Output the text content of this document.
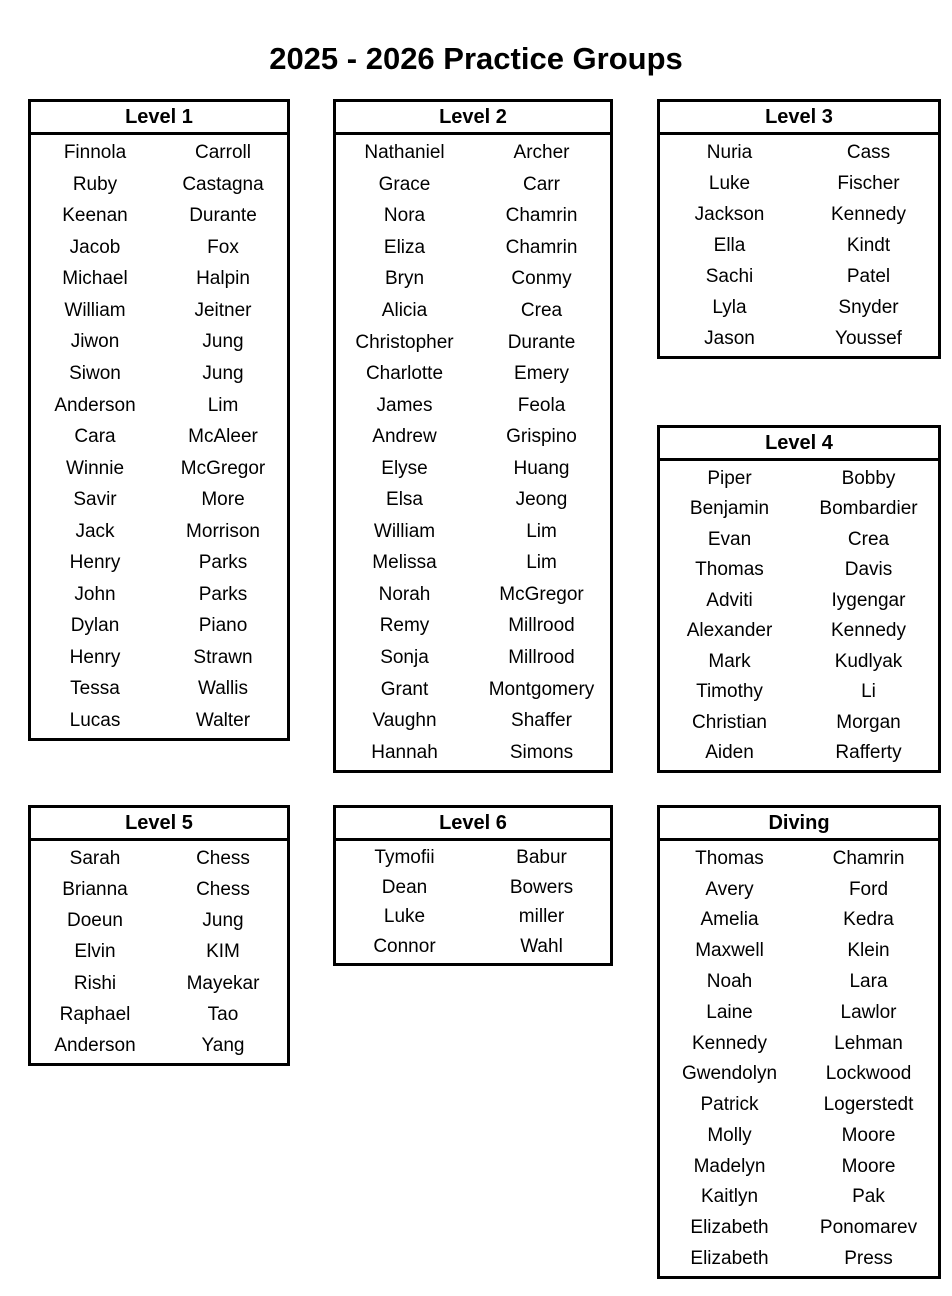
2025 - 2026 Practice Groups
Level 1
Finnola	Carroll
Ruby	Castagna
Keenan	Durante
Jacob	Fox
Michael	Halpin
William	Jeitner
Jiwon	Jung
Siwon	Jung
Anderson	Lim
Cara	McAleer
Winnie	McGregor
Savir	More
Jack	Morrison
Henry	Parks
John	Parks
Dylan	Piano
Henry	Strawn
Tessa	Wallis
Lucas	Walter
Level 2
Nathaniel	Archer
Grace	Carr
Nora	Chamrin
Eliza	Chamrin
Bryn	Conmy
Alicia	Crea
Christopher	Durante
Charlotte	Emery
James	Feola
Andrew	Grispino
Elyse	Huang
Elsa	Jeong
William	Lim
Melissa	Lim
Norah	McGregor
Remy	Millrood
Sonja	Millrood
Grant	Montgomery
Vaughn	Shaffer
Hannah	Simons
Level 3
Nuria	Cass
Luke	Fischer
Jackson	Kennedy
Ella	Kindt
Sachi	Patel
Lyla	Snyder
Jason	Youssef
Level 4
Piper	Bobby
Benjamin	Bombardier
Evan	Crea
Thomas	Davis
Adviti	Iygengar
Alexander	Kennedy
Mark	Kudlyak
Timothy	Li
Christian	Morgan
Aiden	Rafferty
Level 5
Sarah	Chess
Brianna	Chess
Doeun	Jung
Elvin	KIM
Rishi	Mayekar
Raphael	Tao
Anderson	Yang
Level 6
Tymofii	Babur
Dean	Bowers
Luke	miller
Connor	Wahl
Diving
Thomas	Chamrin
Avery	Ford
Amelia	Kedra
Maxwell	Klein
Noah	Lara
Laine	Lawlor
Kennedy	Lehman
Gwendolyn	Lockwood
Patrick	Logerstedt
Molly	Moore
Madelyn	Moore
Kaitlyn	Pak
Elizabeth	Ponomarev
Elizabeth	Press
